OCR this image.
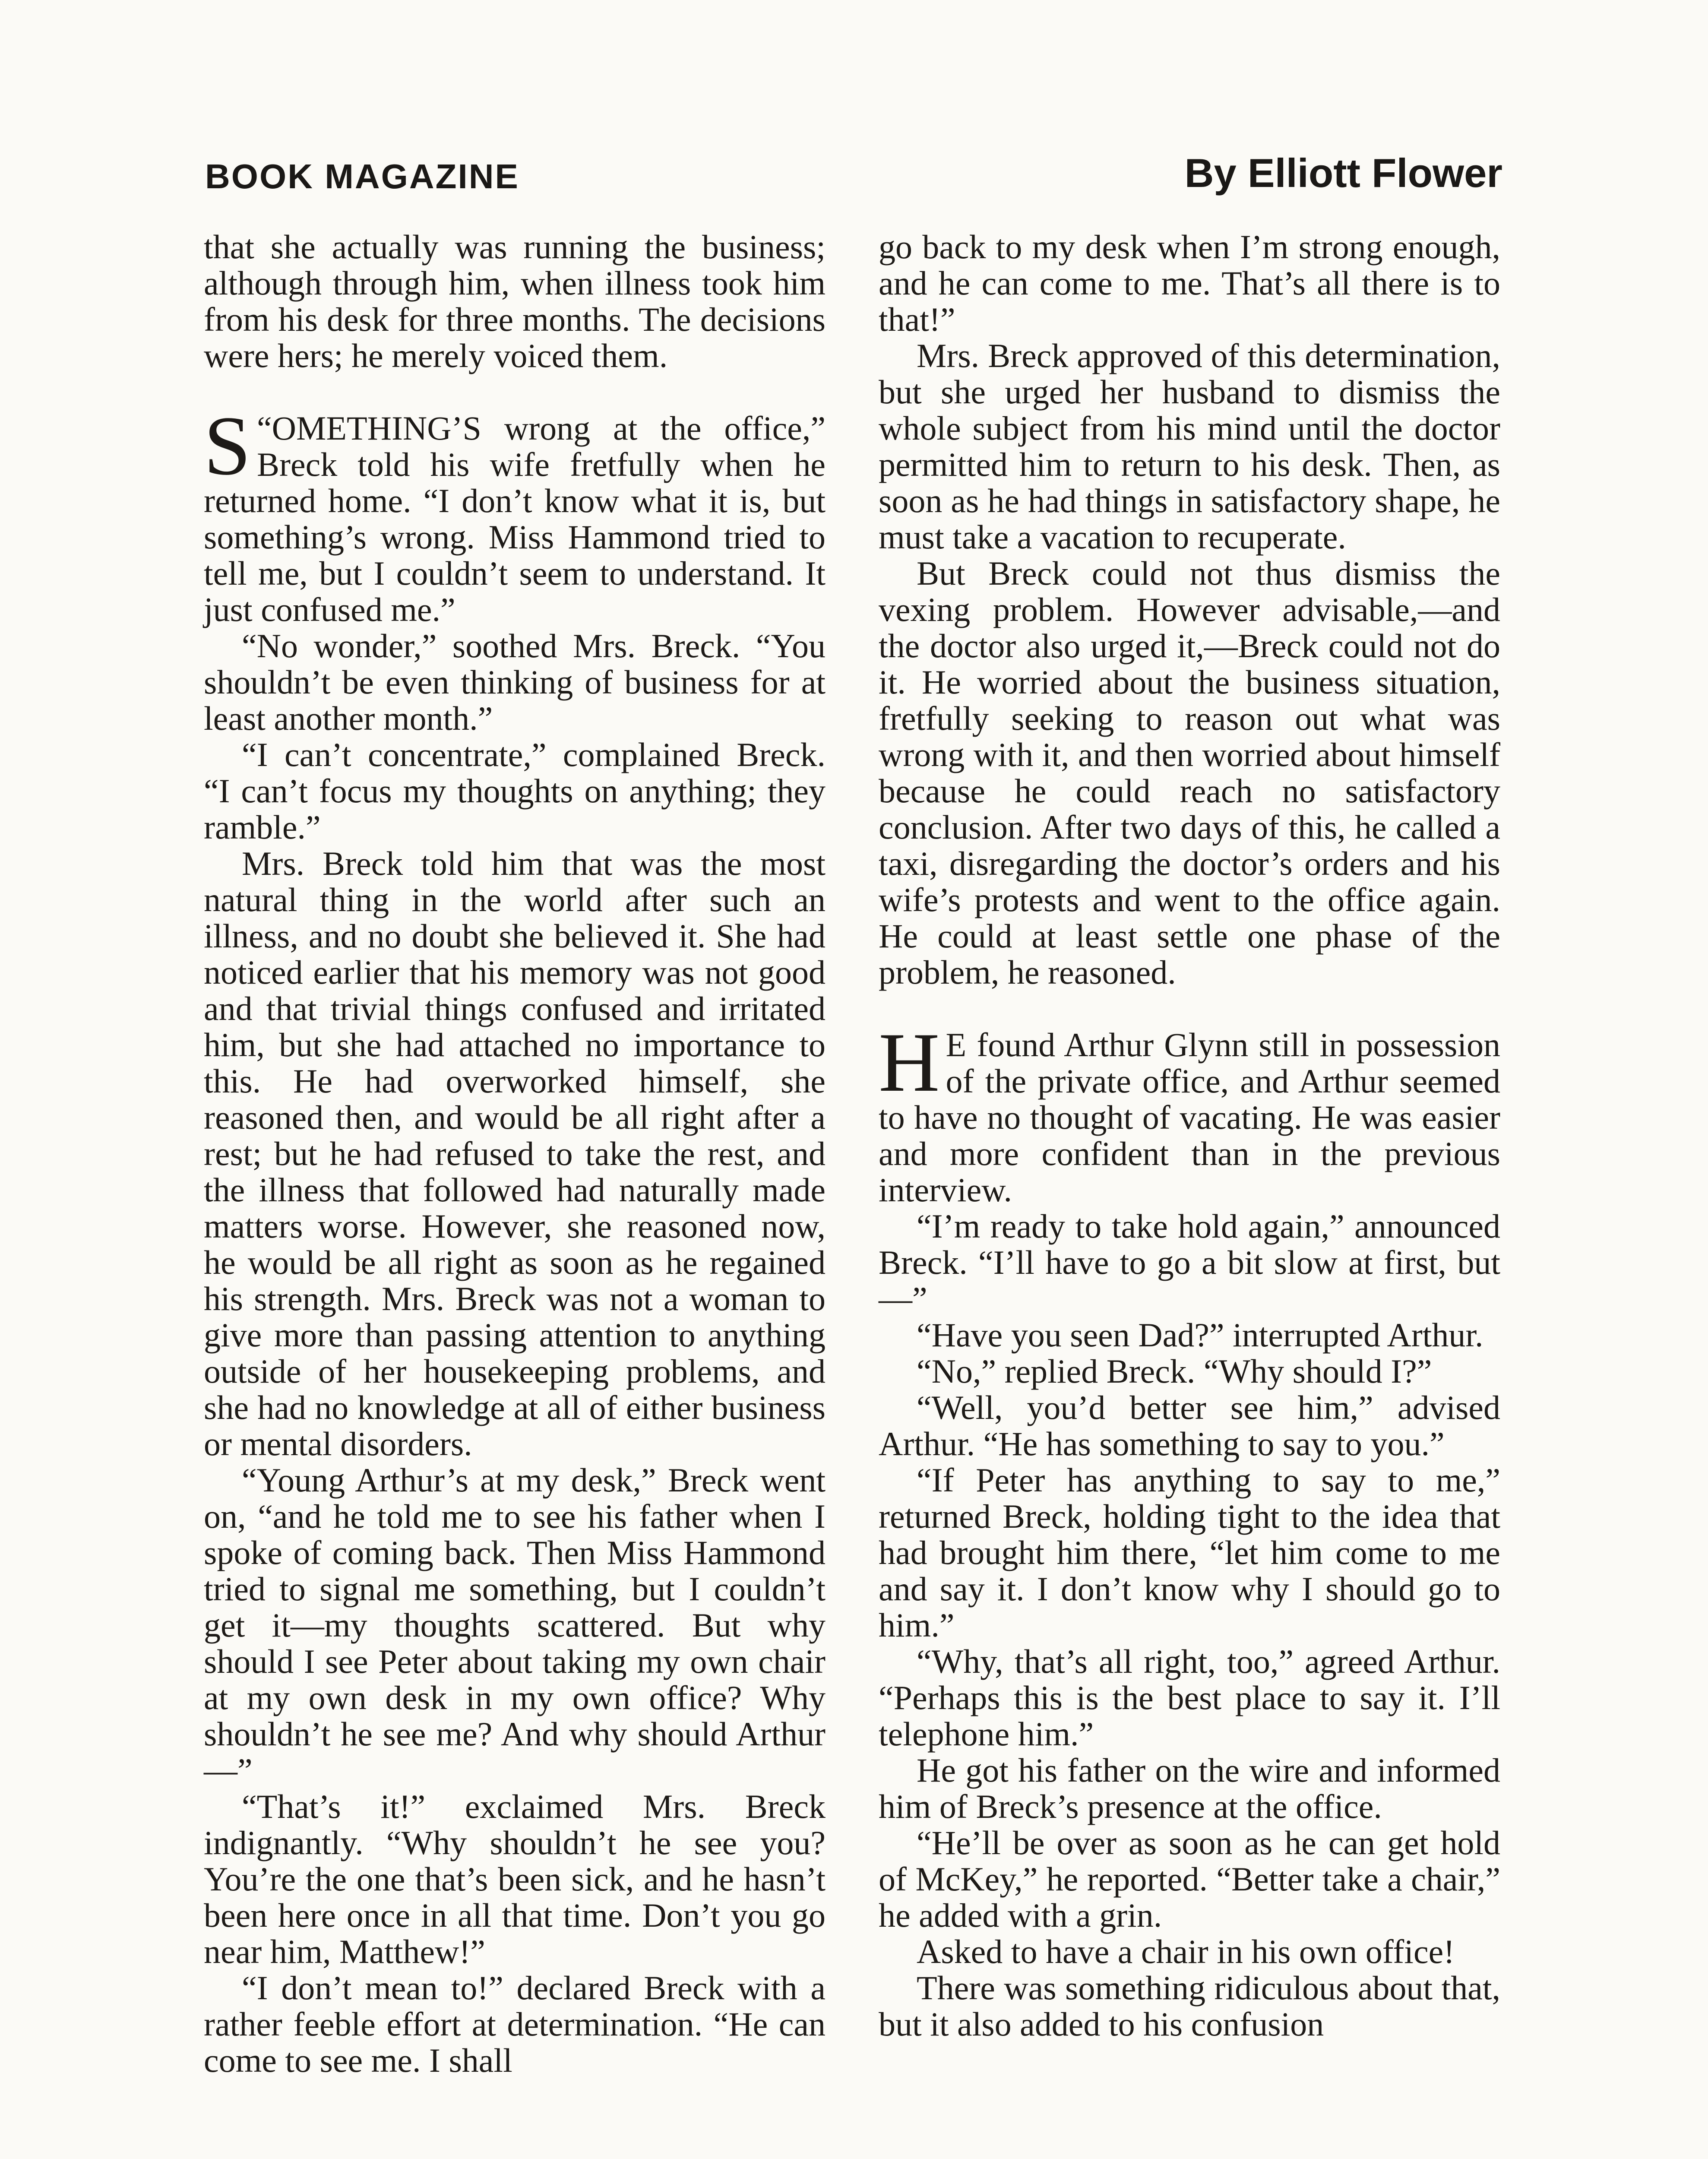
BOOK MAGAZINE	By Elliott Flower

that she actually was running the business; although through him, when illness took him from his desk for three months. The decisions were hers; he merely voiced them.

“
S OMETHING’S wrong at the office,” Breck told his wife fretfully when he returned home. “I don’t know what it is, but something’s wrong. Miss Hammond tried to tell me, but I couldn’t seem to understand. It just confused me.”

“No wonder,” soothed Mrs. Breck. “You shouldn’t be even thinking of business for at least another month.”

“I can’t concentrate,” complained Breck. “I can’t focus my thoughts on anything; they ramble.”

Mrs. Breck told him that was the most natural thing in the world after such an illness, and no doubt she believed it. She had noticed earlier that his memory was not good and that trivial things confused and irritated him, but she had attached no importance to this. He had overworked himself, she reasoned then, and would be all right after a rest; but he had refused to take the rest, and the illness that followed had naturally made matters worse. However, she reasoned now, he would be all right as soon as he regained his strength. Mrs. Breck was not a woman to give more than passing attention to anything outside of her housekeeping problems, and she had no knowledge at all of either business or mental disorders.

“Young Arthur’s at my desk,” Breck went on, “and he told me to see his father when I spoke of coming back. Then Miss Hammond tried to signal me something, but I couldn’t get it—my thoughts scattered. But why should I see Peter about taking my own chair at my own desk in my own office? Why shouldn’t he see me? And why should Arthur—”

“That’s it!” exclaimed Mrs. Breck indignantly. “Why shouldn’t he see you? You’re the one that’s been sick, and he hasn’t been here once in all that time. Don’t you go near him, Matthew!”

“I don’t mean to!” declared Breck with a rather feeble effort at determination. “He can come to see me. I shall

go back to my desk when I’m strong enough, and he can come to me. That’s all there is to that!”

Mrs. Breck approved of this determination, but she urged her husband to dismiss the whole subject from his mind until the doctor permitted him to return to his desk. Then, as soon as he had things in satisfactory shape, he must take a vacation to recuperate.

But Breck could not thus dismiss the vexing problem. However advisable,—and the doctor also urged it,—Breck could not do it. He worried about the business situation, fretfully seeking to reason out what was wrong with it, and then worried about himself because he could reach no satisfactory conclusion. After two days of this, he called a taxi, disregarding the doctor’s orders and his wife’s protests and went to the office again. He could at least settle one phase of the problem, he reasoned.

H E found Arthur Glynn still in possession of the private office, and Arthur seemed to have no thought of vacating. He was easier and more confident than in the previous interview.

“I’m ready to take hold again,” announced Breck. “I’ll have to go a bit slow at first, but—”

“Have you seen Dad?” interrupted Arthur.

“No,” replied Breck. “Why should I?”

“Well, you’d better see him,” advised Arthur. “He has something to say to you.”

“If Peter has anything to say to me,” returned Breck, holding tight to the idea that had brought him there, “let him come to me and say it. I don’t know why I should go to him.”

“Why, that’s all right, too,” agreed Arthur. “Perhaps this is the best place to say it. I’ll telephone him.”

He got his father on the wire and informed him of Breck’s presence at the office.

“He’ll be over as soon as he can get hold of McKey,” he reported. “Better take a chair,” he added with a grin.

Asked to have a chair in his own office!

There was something ridiculous about that, but it also added to his confusion
